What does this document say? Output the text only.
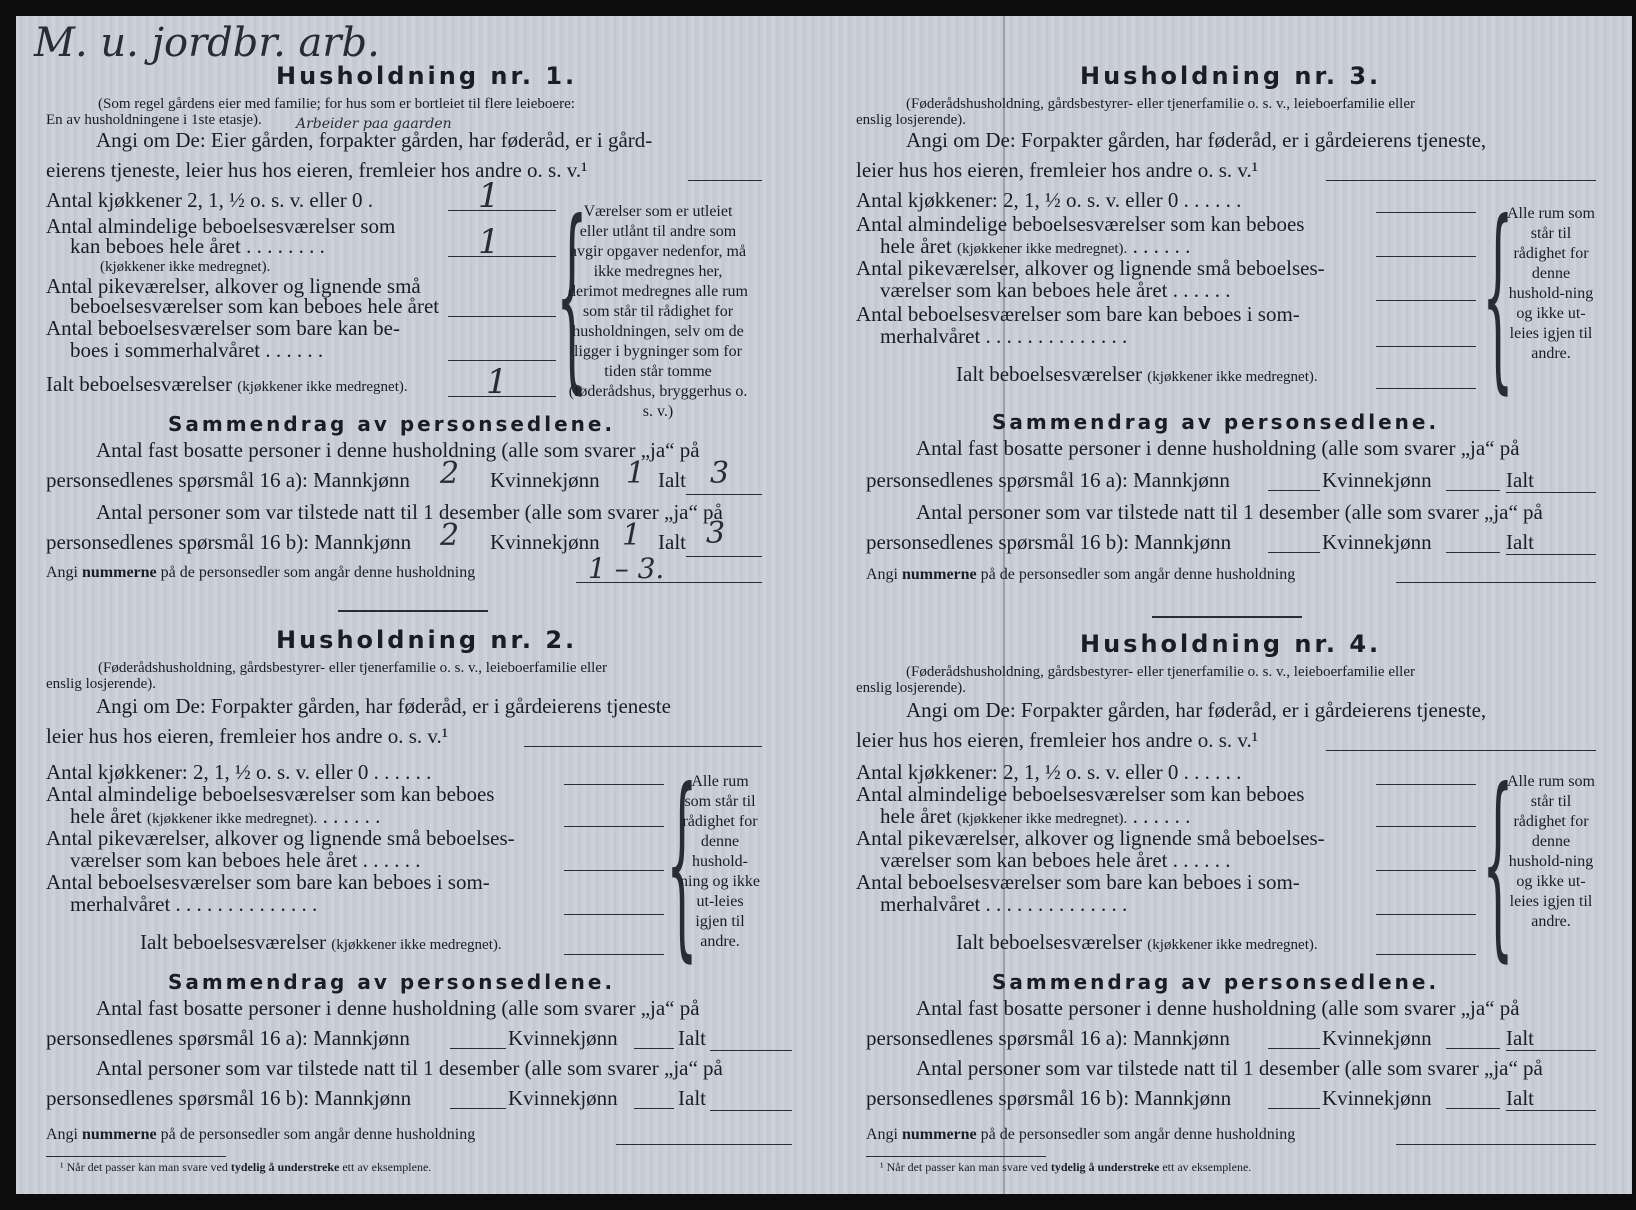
M. u. jordbr. arb.
Husholdning nr. 1.
(Som regel gårdens eier med familie; for hus som er bortleiet til flere leieboere:
En av husholdningene i 1ste etasje).
Angi om De: Eier gården, forpakter gården, har føderåd, er i gård-
Arbeider paa gaarden
eierens tjeneste, leier hus hos eieren, fremleier hos andre o. s. v.¹
Antal kjøkkener 2, 1, ½ o. s. v. eller 0 .	1
Antal almindelige beboelsesværelser som
kan beboes hele året . . . . . . . .	1
(kjøkkener ikke medregnet).
Antal pikeværelser, alkover og lignende små
beboelsesværelser som kan beboes hele året
Antal beboelsesværelser som bare kan be-
boes i sommerhalvåret . . . . . .
Ialt beboelsesværelser (kjøkkener ikke medregnet). 1 {
Værelser som er utleiet eller utlånt til andre som avgir opgaver nedenfor, må ikke medregnes her, derimot medregnes alle rum som står til rådighet for husholdningen, selv om de ligger i bygninger som for tiden står tomme (føderådshus, bryggerhus o. s. v.)
Sammendrag av personsedlene.
Antal fast bosatte personer i denne husholdning (alle som svarer „ja“ på
personsedlenes spørsmål 16 a): Mannkjønn 2 Kvinnekjønn 1 Ialt 3
Antal personer som var tilstede natt til 1 desember (alle som svarer „ja“ på
personsedlenes spørsmål 16 b): Mannkjønn 2 Kvinnekjønn 1 Ialt 3
Angi nummerne på de personsedler som angår denne husholdning	1 – 3.
Husholdning nr. 2.
(Føderådshusholdning, gårdsbestyrer- eller tjenerfamilie o. s. v., leieboerfamilie eller
enslig losjerende).
Angi om De: Forpakter gården, har føderåd, er i gårdeierens tjeneste
leier hus hos eieren, fremleier hos andre o. s. v.¹
Antal kjøkkener: 2, 1, ½ o. s. v. eller 0 . . . . . .
Antal almindelige beboelsesværelser som kan beboes
hele året (kjøkkener ikke medregnet). . . . . . .
Antal pikeværelser, alkover og lignende små beboelses-
værelser som kan beboes hele året . . . . . .
Antal beboelsesværelser som bare kan beboes i som-
merhalvåret . . . . . . . . . . . . . .
Ialt beboelsesværelser (kjøkkener ikke medregnet). {
Alle rum som står til rådighet for denne hushold-ning og ikke ut-leies igjen til andre.
Sammendrag av personsedlene.
Antal fast bosatte personer i denne husholdning (alle som svarer „ja“ på
personsedlenes spørsmål 16 a): Mannkjønn	Kvinnekjønn	Ialt
Antal personer som var tilstede natt til 1 desember (alle som svarer „ja“ på
personsedlenes spørsmål 16 b): Mannkjønn	Kvinnekjønn	Ialt
Angi nummerne på de personsedler som angår denne husholdning
¹ Når det passer kan man svare ved tydelig å understreke ett av eksemplene.
Husholdning nr. 3.
(Føderådshusholdning, gårdsbestyrer- eller tjenerfamilie o. s. v., leieboerfamilie eller
enslig losjerende).
Angi om De: Forpakter gården, har føderåd, er i gårdeierens tjeneste,
leier hus hos eieren, fremleier hos andre o. s. v.¹
Antal kjøkkener: 2, 1, ½ o. s. v. eller 0 . . . . . .
Antal almindelige beboelsesværelser som kan beboes
hele året (kjøkkener ikke medregnet). . . . . . .
Antal pikeværelser, alkover og lignende små beboelses-
værelser som kan beboes hele året . . . . . .
Antal beboelsesværelser som bare kan beboes i som-
merhalvåret . . . . . . . . . . . . . .
Ialt beboelsesværelser (kjøkkener ikke medregnet). {
Alle rum som står til rådighet for denne hushold-ning og ikke ut-leies igjen til andre.
Sammendrag av personsedlene.
Antal fast bosatte personer i denne husholdning (alle som svarer „ja“ på
personsedlenes spørsmål 16 a): Mannkjønn	Kvinnekjønn	Ialt
Antal personer som var tilstede natt til 1 desember (alle som svarer „ja“ på
personsedlenes spørsmål 16 b): Mannkjønn	Kvinnekjønn	Ialt
Angi nummerne på de personsedler som angår denne husholdning
Husholdning nr. 4.
(Føderådshusholdning, gårdsbestyrer- eller tjenerfamilie o. s. v., leieboerfamilie eller
enslig losjerende).
Angi om De: Forpakter gården, har føderåd, er i gårdeierens tjeneste,
leier hus hos eieren, fremleier hos andre o. s. v.¹
Antal kjøkkener: 2, 1, ½ o. s. v. eller 0 . . . . . .
Antal almindelige beboelsesværelser som kan beboes
hele året (kjøkkener ikke medregnet). . . . . . .
Antal pikeværelser, alkover og lignende små beboelses-
værelser som kan beboes hele året . . . . . .
Antal beboelsesværelser som bare kan beboes i som-
merhalvåret . . . . . . . . . . . . . .
Ialt beboelsesværelser (kjøkkener ikke medregnet). {
Alle rum som står til rådighet for denne hushold-ning og ikke ut-leies igjen til andre.
Sammendrag av personsedlene.
Antal fast bosatte personer i denne husholdning (alle som svarer „ja“ på
personsedlenes spørsmål 16 a): Mannkjønn	Kvinnekjønn	Ialt
Antal personer som var tilstede natt til 1 desember (alle som svarer „ja“ på
personsedlenes spørsmål 16 b): Mannkjønn	Kvinnekjønn	Ialt
Angi nummerne på de personsedler som angår denne husholdning
¹ Når det passer kan man svare ved tydelig å understreke ett av eksemplene.
